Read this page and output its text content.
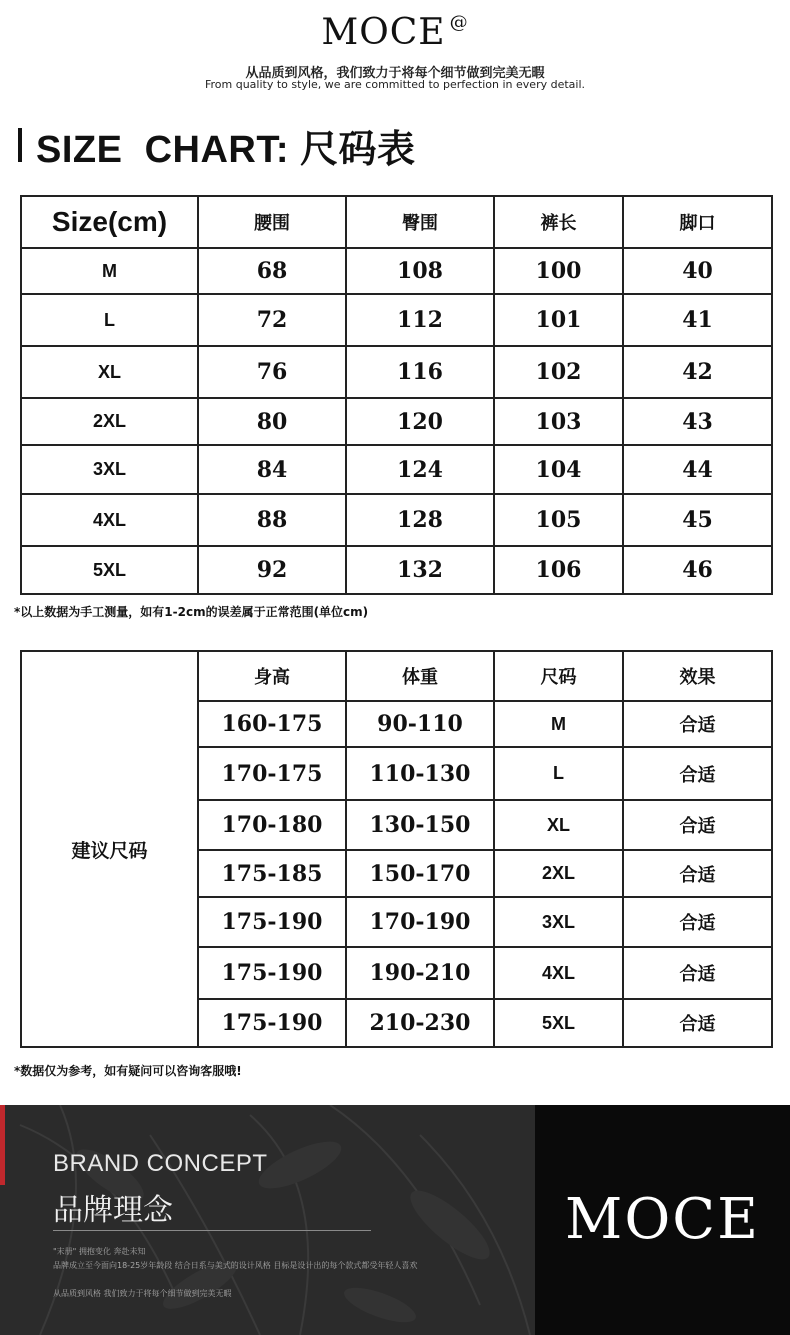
MOCE @
从品质到风格，我们致力于将每个细节做到完美无暇
From quality to style, we are committed to perfection in every detail.
SIZE  CHART: 尺码表
Size(cm)	腰围	臀围	裤长	脚口
M	68	108	100	40
L	72	112	101	41
XL	76	116	102	42
2XL	80	120	103	43
3XL	84	124	104	44
4XL	88	128	105	45
5XL	92	132	106	46
*以上数据为手工测量，如有1-2cm的误差属于正常范围(单位cm)
建议尺码	身高	体重	尺码	效果
	160-175	90-110	M	合适
	170-175	110-130	L	合适
	170-180	130-150	XL	合适
	175-185	150-170	2XL	合适
	175-190	170-190	3XL	合适
	175-190	190-210	4XL	合适
	175-190	210-230	5XL	合适
*数据仅为参考，如有疑问可以咨询客服哦!
BRAND CONCEPT
品牌理念
"末册" 拥抱变化 奔赴未知
品牌成立至今面向18-25岁年龄段 结合日系与美式的设计风格 目标是设计出的每个款式都受年轻人喜欢
从品质到风格 我们致力于将每个细节做到完美无暇
MOCE
